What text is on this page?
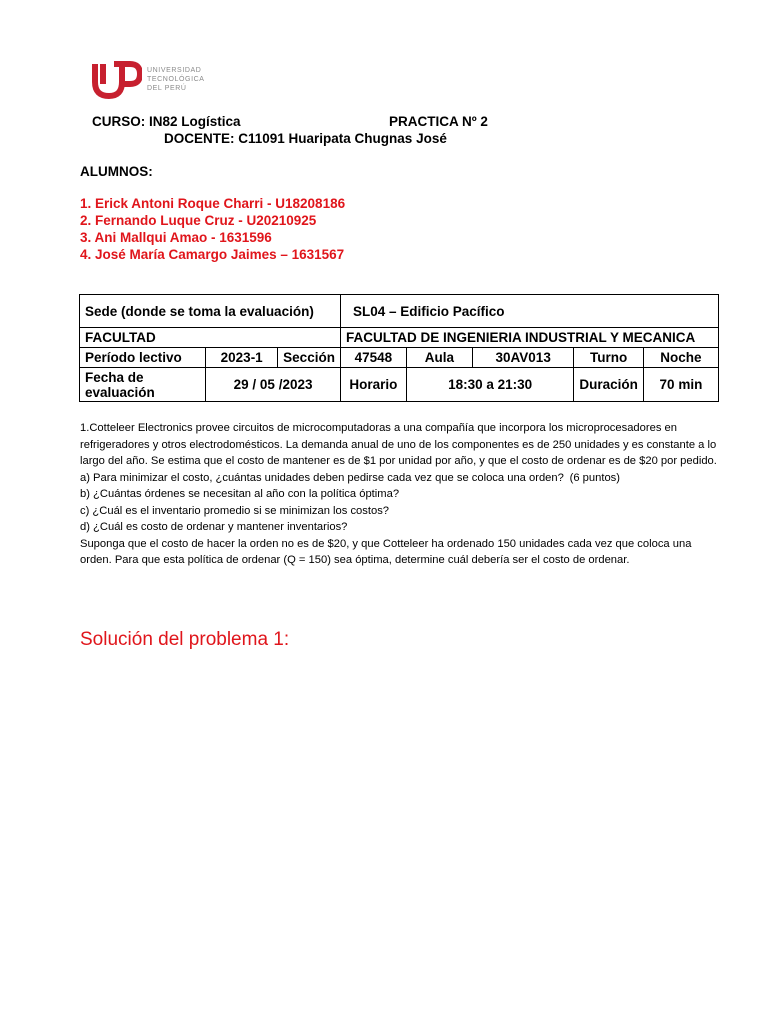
UNIVERSIDAD
TECNOLÓGICA
DEL PERÚ
CURSO: IN82 Logística	PRACTICA Nº 2
DOCENTE: C11091 Huaripata Chugnas José
ALUMNOS:
1. Erick Antoni Roque Charri - U18208186
2. Fernando Luque Cruz - U20210925
3. Ani Mallqui Amao - 1631596
4. José María Camargo Jaimes – 1631567
Sede (donde se toma la evaluación)			SL04 – Edificio Pacífico				
FACULTAD			FACULTAD DE INGENIERIA INDUSTRIAL Y MECANICA				
Período lectivo	2023-1	Sección	47548	Aula	30AV013	Turno	Noche
Fecha de evaluación	29 / 05 /2023		Horario	18:30 a 21:30		Duración	70 min

1.Cotteleer Electronics provee circuitos de microcomputadoras a una compañía que incorpora los microprocesadores en refrigeradores y otros electrodomésticos. La demanda anual de uno de los componentes es de 250 unidades y es constante a lo largo del año. Se estima que el costo de mantener es de $1 por unidad por año, y que el costo de ordenar es de $20 por pedido.
(6 puntos)

a) Para minimizar el costo, ¿cuántas unidades deben pedirse cada vez que se coloca una orden?

b) ¿Cuántas órdenes se necesitan al año con la política óptima?

c) ¿Cuál es el inventario promedio si se minimizan los costos?

d) ¿Cuál es costo de ordenar y mantener inventarios?

Suponga que el costo de hacer la orden no es de $20, y que Cotteleer ha ordenado 150 unidades cada vez que coloca una orden. Para que esta política de ordenar (Q = 150) sea óptima, determine cuál debería ser el costo de ordenar.

Solución del problema 1:
